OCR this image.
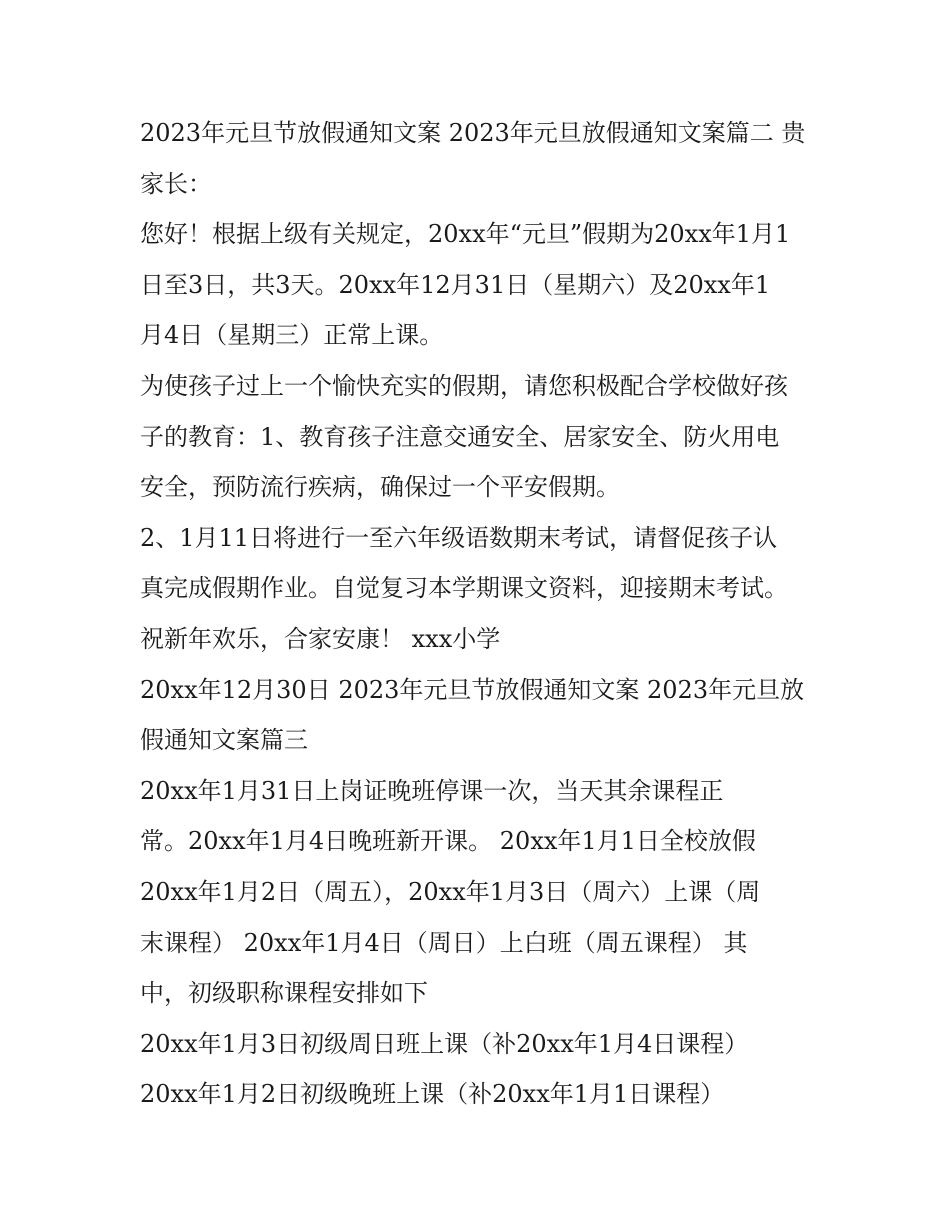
2023年元旦节放假通知文案 2023年元旦放假通知文案篇二 贵

家长：

您好！根据上级有关规定，20xx年“元旦”假期为20xx年1月1

日至3日，共3天。20xx年12月31日（星期六）及20xx年1

月4日（星期三）正常上课。

为使孩子过上一个愉快充实的假期，请您积极配合学校做好孩

子的教育：1、教育孩子注意交通安全、居家安全、防火用电

安全，预防流行疾病，确保过一个平安假期。

2、1月11日将进行一至六年级语数期末考试，请督促孩子认

真完成假期作业。自觉复习本学期课文资料，迎接期末考试。

祝新年欢乐，合家安康！ xxx小学

20xx年12月30日 2023年元旦节放假通知文案 2023年元旦放

假通知文案篇三

20xx年1月31日上岗证晚班停课一次，当天其余课程正

常。20xx年1月4日晚班新开课。 20xx年1月1日全校放假

20xx年1月2日（周五），20xx年1月3日（周六）上课（周

末课程） 20xx年1月4日（周日）上白班（周五课程） 其

中，初级职称课程安排如下

20xx年1月3日初级周日班上课（补20xx年1月4日课程）

20xx年1月2日初级晚班上课（补20xx年1月1日课程）
